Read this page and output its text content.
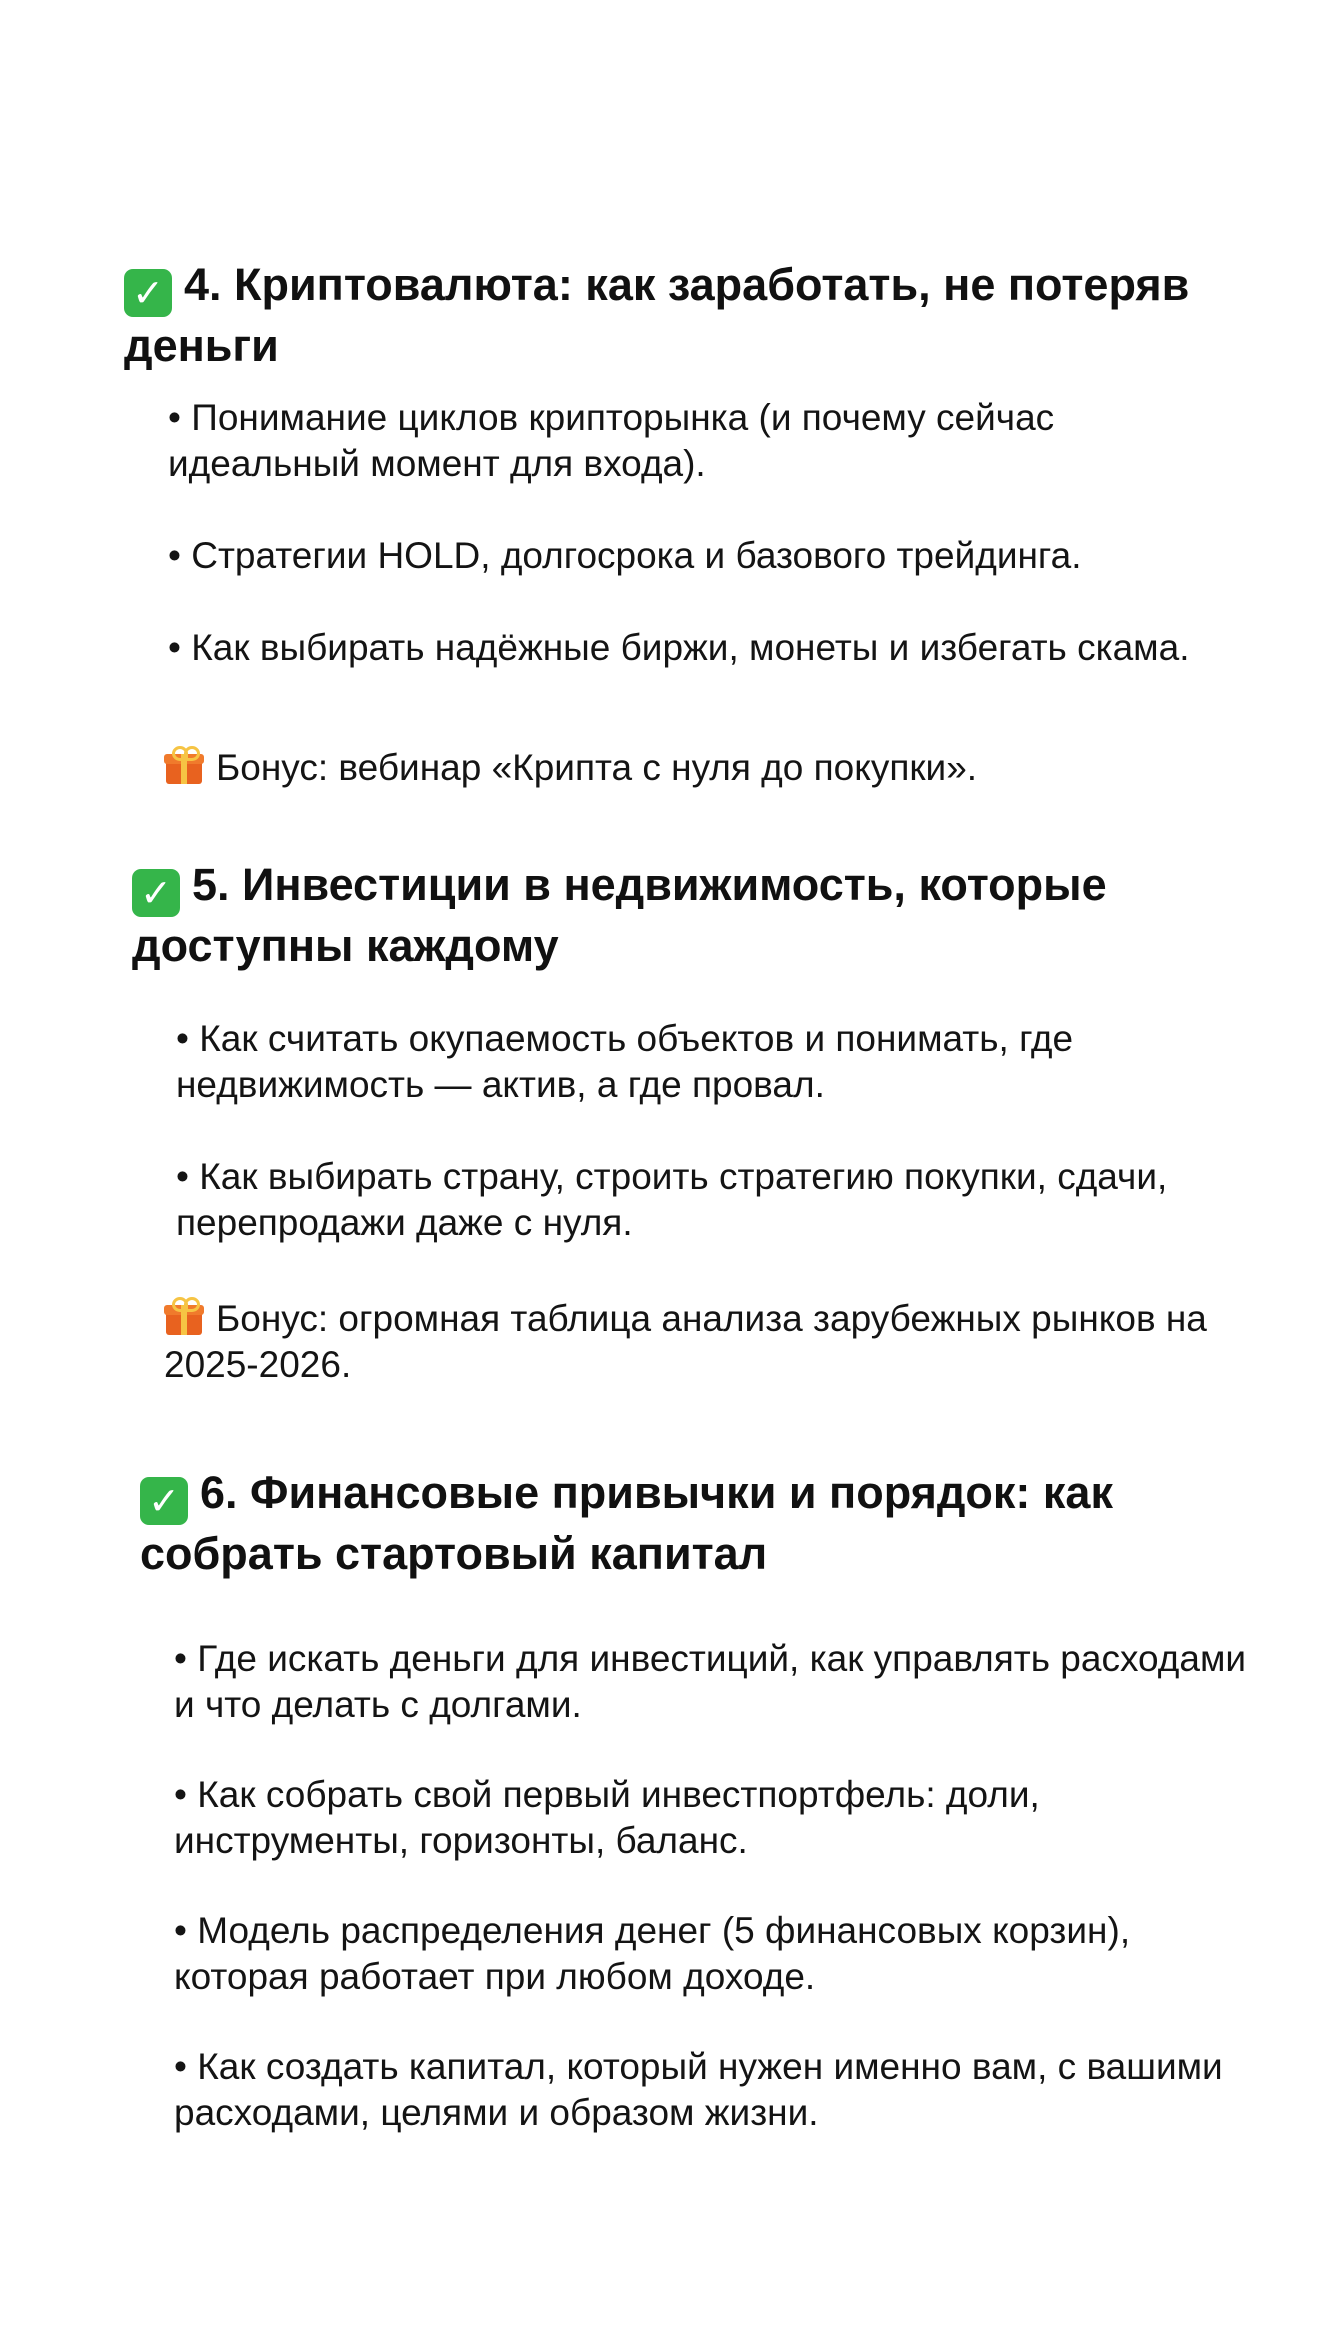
✓ 4. Криптовалюта: как заработать, не потеряв деньги

• Понимание циклов крипторынка (и почему сейчас идеальный момент для входа).

• Стратегии HOLD, долгосрока и базового трейдинга.

• Как выбирать надёжные биржи, монеты и избегать скама.

Бонус: вебинар «Крипта с нуля до покупки».

✓ 5. Инвестиции в недвижимость, которые доступны каждому

• Как считать окупаемость объектов и понимать, где недвижимость — актив, а где провал.

• Как выбирать страну, строить стратегию покупки, сдачи, перепродажи даже с нуля.

Бонус: огромная таблица анализа зарубежных рынков на 2025-2026.

✓ 6. Финансовые привычки и порядок: как собрать стартовый капитал

• Где искать деньги для инвестиций, как управлять расходами и что делать с долгами.

• Как собрать свой первый инвестпортфель: доли, инструменты, горизонты, баланс.

• Модель распределения денег (5 финансовых корзин), которая работает при любом доходе.

• Как создать капитал, который нужен именно вам, с вашими расходами, целями и образом жизни.
